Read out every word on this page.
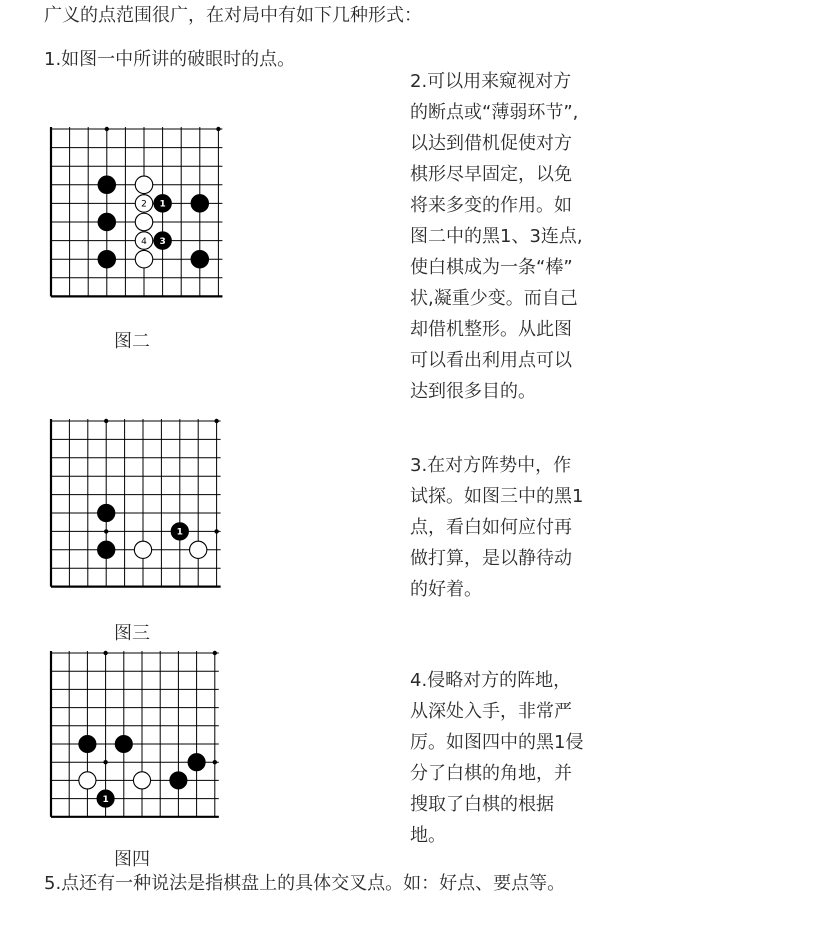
广义的点范围很广，在对局中有如下几种形式：
1.如图一中所讲的破眼时的点。
2 1
4 3
图二
1
图三
1
图四
2.可以用来窥视对方
的断点或“薄弱环节”,
以达到借机促使对方
棋形尽早固定，以免
将来多变的作用。如
图二中的黑1、3连点,
使白棋成为一条“棒”
状,凝重少变。而自己
却借机整形。从此图
可以看出利用点可以
达到很多目的。
3.在对方阵势中，作
试探。如图三中的黑1
点，看白如何应付再
做打算，是以静待动
的好着。
4.侵略对方的阵地，
从深处入手，非常严
厉。如图四中的黑1侵
分了白棋的角地，并
搜取了白棋的根据
地。
5.点还有一种说法是指棋盘上的具体交叉点。如：好点、要点等。
